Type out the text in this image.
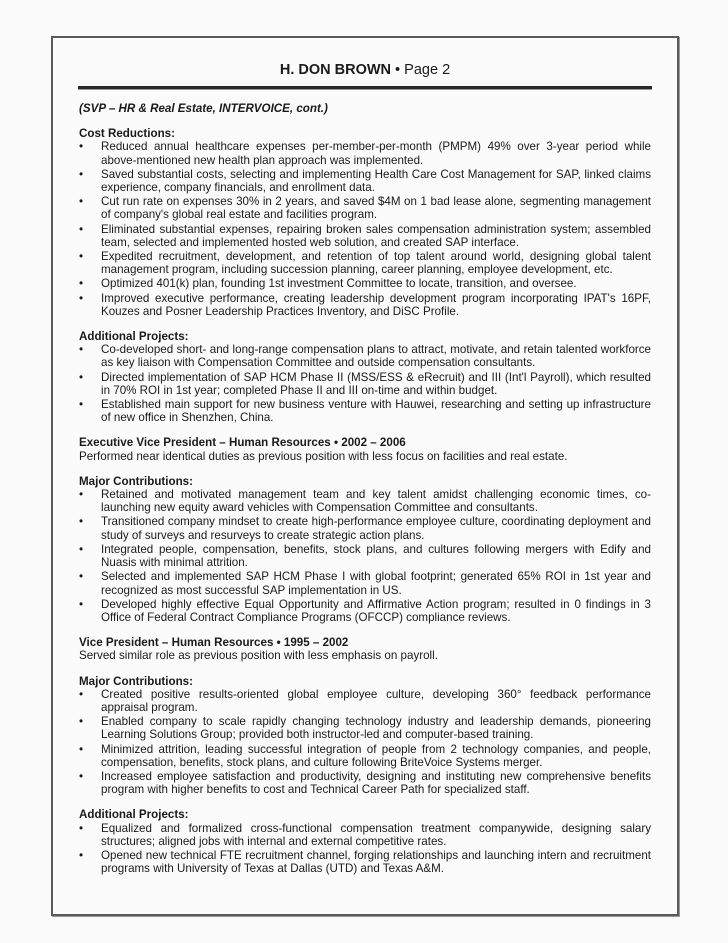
H. DON BROWN • Page 2
(SVP – HR & Real Estate, INTERVOICE, cont.)
Cost Reductions:
• Reduced annual healthcare expenses per-member-per-month (PMPM) 49% over 3-year period while above-mentioned new health plan approach was implemented.
• Saved substantial costs, selecting and implementing Health Care Cost Management for SAP, linked claims experience, company financials, and enrollment data.
• Cut run rate on expenses 30% in 2 years, and saved $4M on 1 bad lease alone, segmenting management of company's global real estate and facilities program.
• Eliminated substantial expenses, repairing broken sales compensation administration system; assembled team, selected and implemented hosted web solution, and created SAP interface.
• Expedited recruitment, development, and retention of top talent around world, designing global talent management program, including succession planning, career planning, employee development, etc.
• Optimized 401(k) plan, founding 1st investment Committee to locate, transition, and oversee.
• Improved executive performance, creating leadership development program incorporating IPAT's 16PF, Kouzes and Posner Leadership Practices Inventory, and DiSC Profile.
Additional Projects:
• Co-developed short- and long-range compensation plans to attract, motivate, and retain talented workforce as key liaison with Compensation Committee and outside compensation consultants.
• Directed implementation of SAP HCM Phase II (MSS/ESS & eRecruit) and III (Int'l Payroll), which resulted in 70% ROI in 1st year; completed Phase II and III on-time and within budget.
• Established main support for new business venture with Hauwei, researching and setting up infrastructure of new office in Shenzhen, China.
Executive Vice President – Human Resources • 2002 – 2006

Performed near identical duties as previous position with less focus on facilities and real estate.

Major Contributions:
• Retained and motivated management team and key talent amidst challenging economic times, co-launching new equity award vehicles with Compensation Committee and consultants.
• Transitioned company mindset to create high-performance employee culture, coordinating deployment and study of surveys and resurveys to create strategic action plans.
• Integrated people, compensation, benefits, stock plans, and cultures following mergers with Edify and Nuasis with minimal attrition.
• Selected and implemented SAP HCM Phase I with global footprint; generated 65% ROI in 1st year and recognized as most successful SAP implementation in US.
• Developed highly effective Equal Opportunity and Affirmative Action program; resulted in 0 findings in 3 Office of Federal Contract Compliance Programs (OFCCP) compliance reviews.
Vice President – Human Resources • 1995 – 2002

Served similar role as previous position with less emphasis on payroll.

Major Contributions:
• Created positive results-oriented global employee culture, developing 360° feedback performance appraisal program.
• Enabled company to scale rapidly changing technology industry and leadership demands, pioneering Learning Solutions Group; provided both instructor-led and computer-based training.
• Minimized attrition, leading successful integration of people from 2 technology companies, and people, compensation, benefits, stock plans, and culture following BriteVoice Systems merger.
• Increased employee satisfaction and productivity, designing and instituting new comprehensive benefits program with higher benefits to cost and Technical Career Path for specialized staff.
Additional Projects:
• Equalized and formalized cross-functional compensation treatment companywide, designing salary structures; aligned jobs with internal and external competitive rates.
• Opened new technical FTE recruitment channel, forging relationships and launching intern and recruitment programs with University of Texas at Dallas (UTD) and Texas A&M.
